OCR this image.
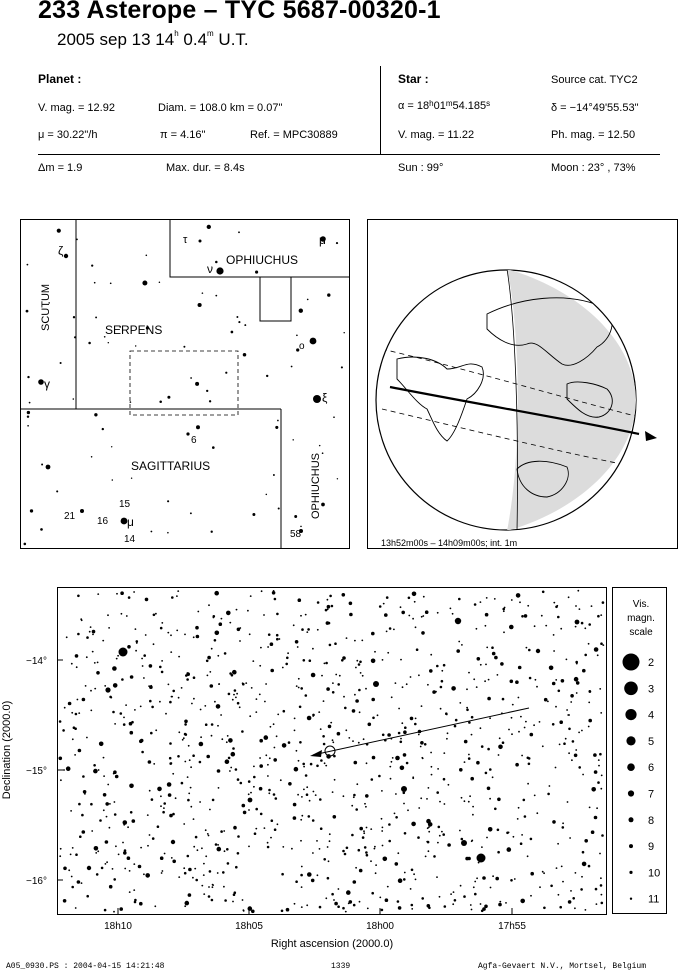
233 Asterope – TYC 5687-00320-1
2005 sep 13 14$^h$ 0.4$^m$ U.T.
Planet :
V. mag. = 12.92	Diam. = 108.0 km = 0.07"
μ = 30.22"/h	π = 4.16"	Ref. = MPC30889
Δm = 1.9	Max. dur. = 8.4s
Star :	Source cat. TYC2
$\alpha = 18^h01^m54.185^s$	δ = −14°49'55.53"
V. mag. = 11.22	Ph. mag. = 12.50
Sun : 99°	Moon : 23° , 73%
SCUTUM	SERPENS
OPHIUCHUS
SAGITTARIUS	OPHIUCHUS
ζ
τ
ν
μ
γ
o
ξ
μ
6
15
16
21
14	58
13h52m00s – 14h09m00s; int. 1m
−14°
−15°
−16°
18h10	18h05	18h00	17h55
Right ascension (2000.0)
Declination (2000.0)
Vis.
magn.
scale
2
3
4
5
6
7
8
9
10
11
A05_0930.PS : 2004-04-15 14:21:48	1339	Agfa-Gevaert N.V., Mortsel, Belgium
